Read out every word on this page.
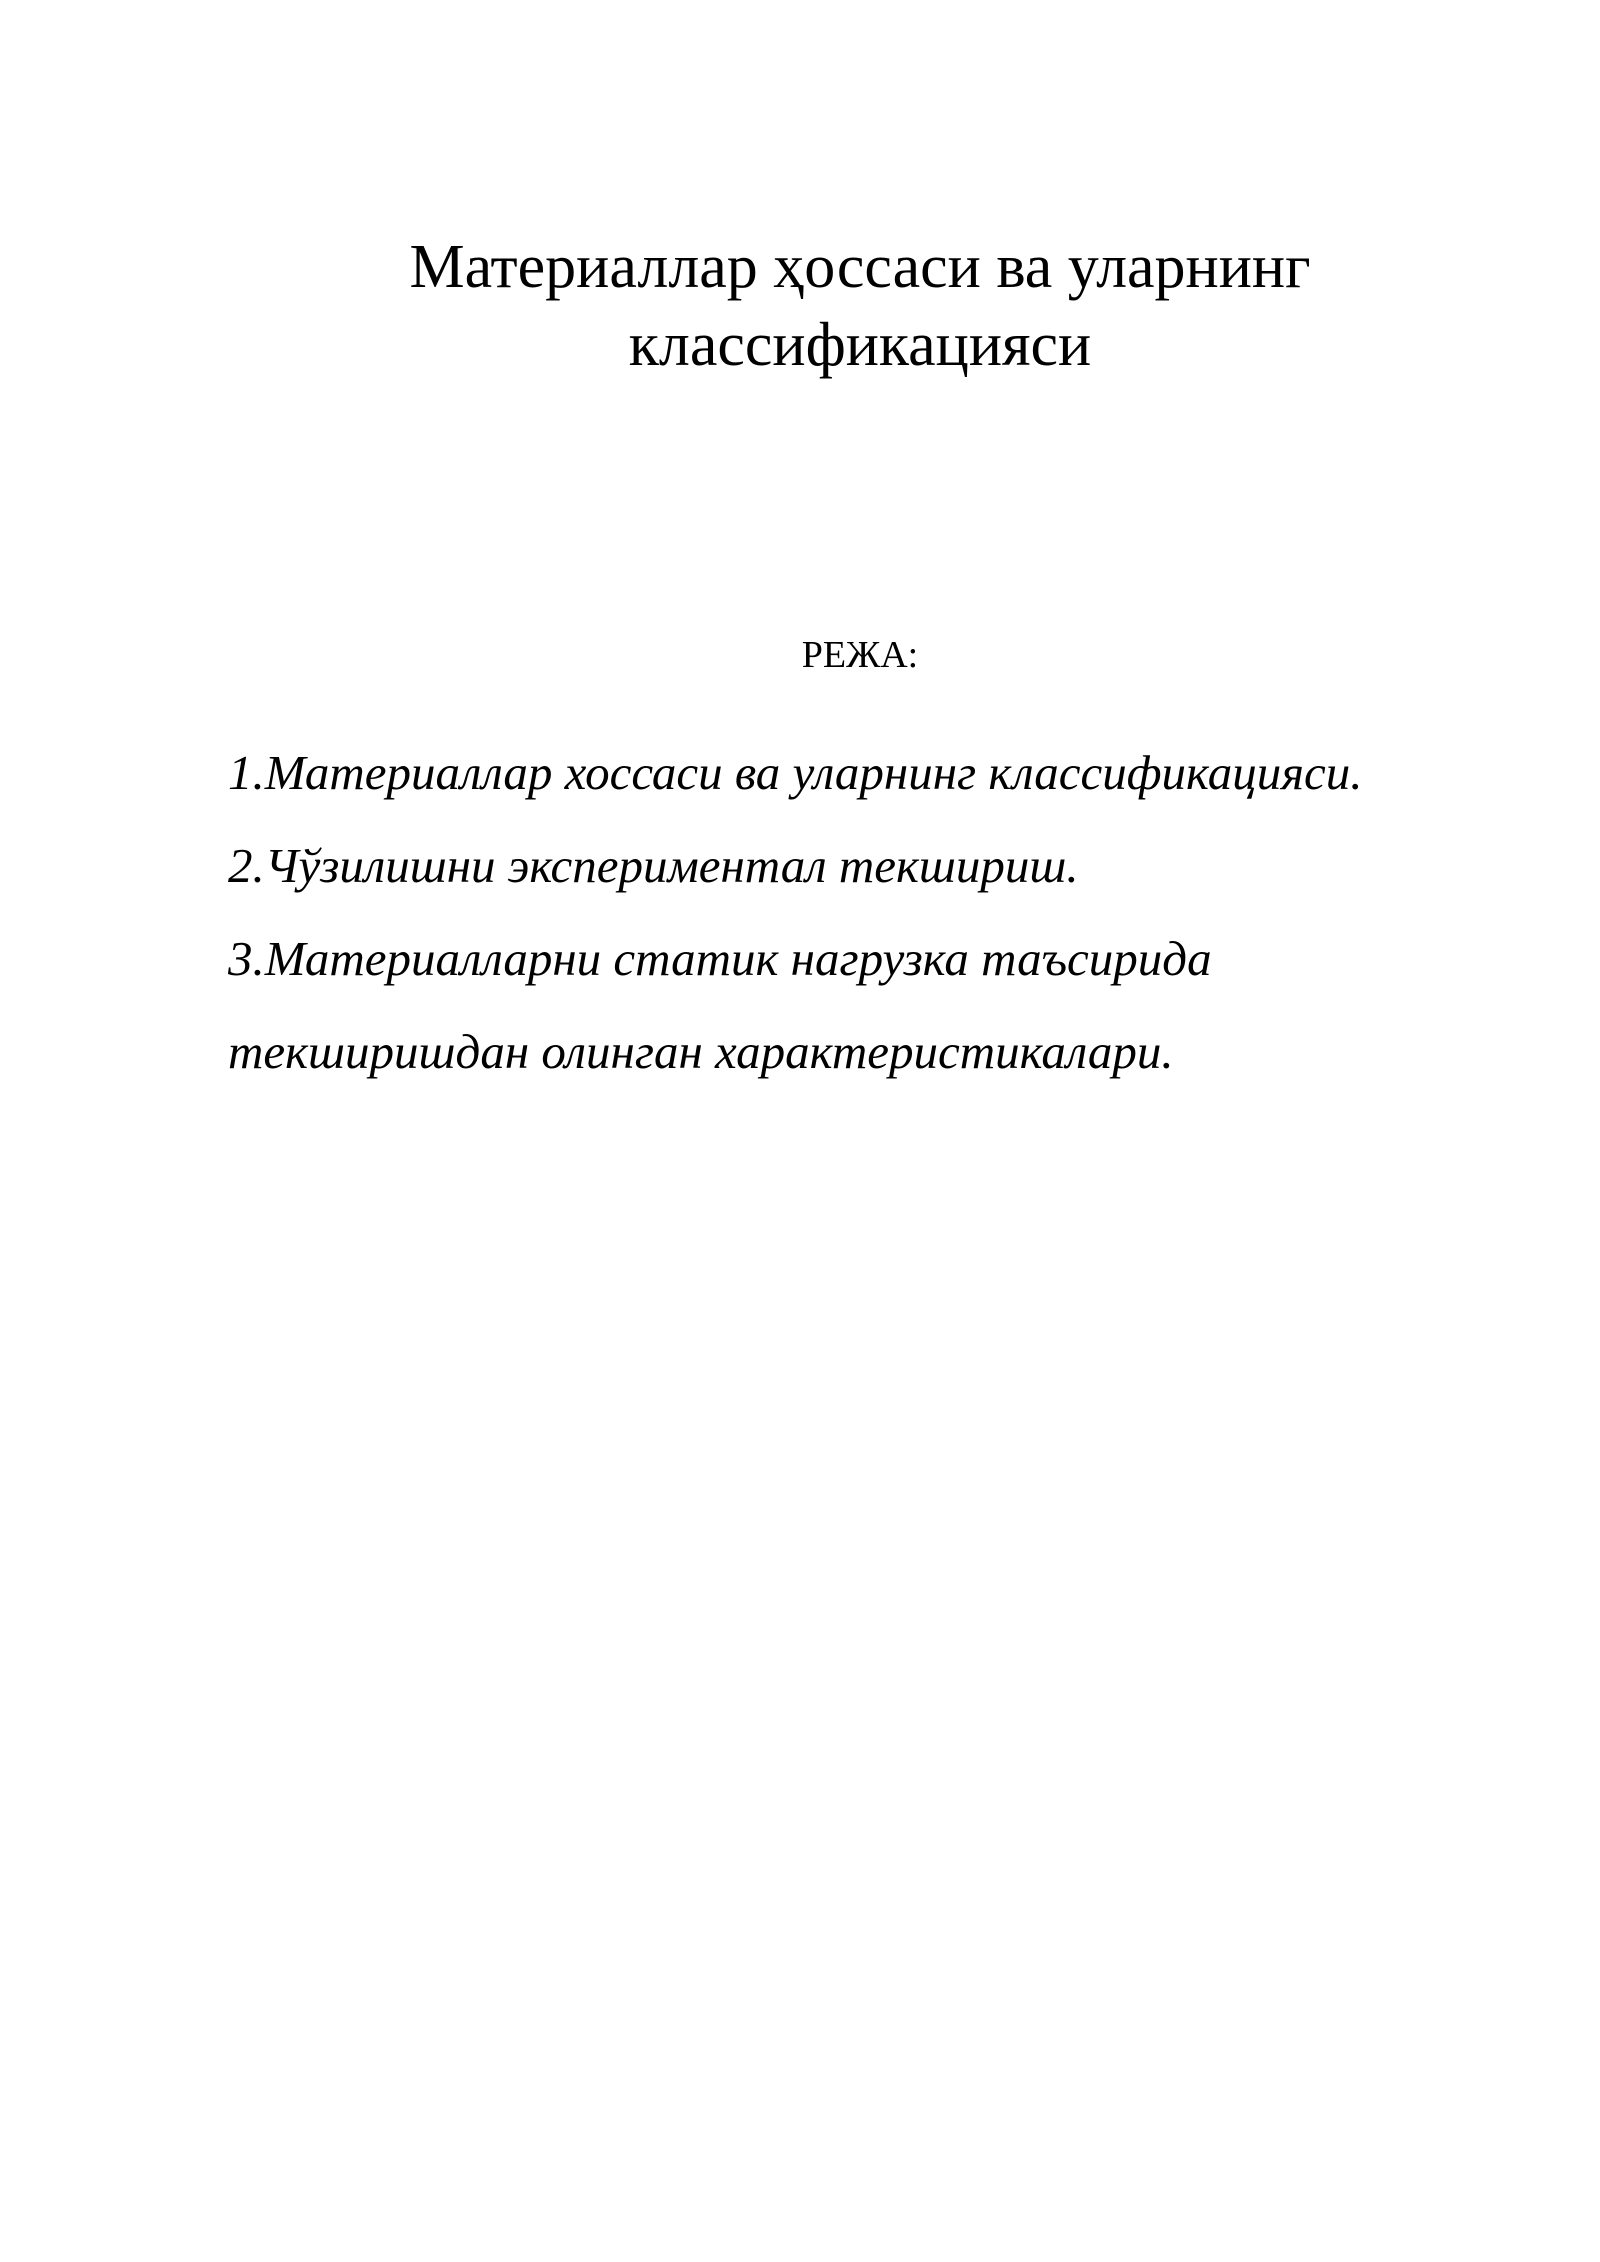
Материаллар ҳоссаси ва уларнинг
классификацияси

РЕЖА:

1.Материаллар хоссаси ва уларнинг классификацияси.
2.Чўзилишни экспериментал текшириш.
3.Материалларни статик нагрузка таъсирида
текширишдан олинган характеристикалари.
